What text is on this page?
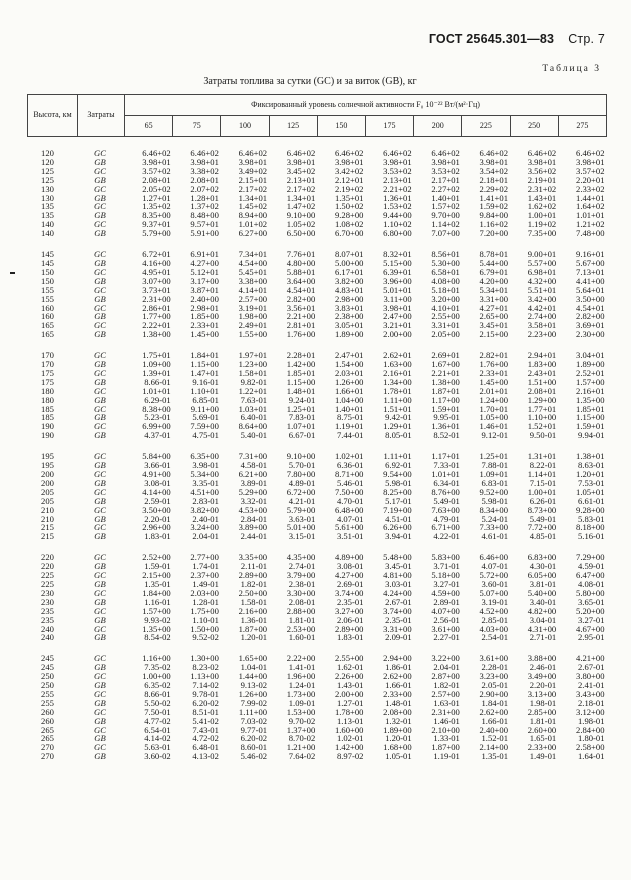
ГОСТ 25645.301—83 Стр. 7
Таблица 3
Затраты топлива за сутки (GC) и за виток (GB), кг
Высота, км	Затраты	Фиксированный уровень солнечной активности F₀ 10⁻²² Вт/(м²·Гц)									
		65	75	100	125	150	175	200	225	250	275

120	GC	6.46+02	6.46+02	6.46+02	6.46+02	6.46+02	6.46+02	6.46+02	6.46+02	6.46+02	6.46+02
120	GB	3.98+01	3.98+01	3.98+01	3.98+01	3.98+01	3.98+01	3.98+01	3.98+01	3.98+01	3.98+01
125	GC	3.57+02	3.38+02	3.49+02	3.45+02	3.42+02	3.53+02	3.53+02	3.54+02	3.56+02	3.57+02
125	GB	2.08+01	2.08+01	2.15+01	2.13+01	2.12+01	2.13+01	2.17+01	2.18+01	2.19+01	2.20+01
130	GC	2.05+02	2.07+02	2.17+02	2.17+02	2.19+02	2.21+02	2.27+02	2.29+02	2.31+02	2.33+02
130	GB	1.27+01	1.28+01	1.34+01	1.34+01	1.35+01	1.36+01	1.40+01	1.41+01	1.43+01	1.44+01
135	GC	1.35+02	1.37+02	1.45+02	1.47+02	1.50+02	1.53+02	1.57+02	1.59+02	1.62+02	1.64+02
135	GB	8.35+00	8.48+00	8.94+00	9.10+00	9.28+00	9.44+00	9.70+00	9.84+00	1.00+01	1.01+01
140	GC	9.37+01	9.57+01	1.01+02	1.05+02	1.08+02	1.10+02	1.14+02	1.16+02	1.19+02	1.21+02
140	GB	5.79+00	5.91+00	6.27+00	6.50+00	6.70+00	6.80+00	7.07+00	7.20+00	7.35+00	7.48+00

145	GC	6.72+01	6.91+01	7.34+01	7.76+01	8.07+01	8.32+01	8.56+01	8.78+01	9.00+01	9.16+01
145	GB	4.16+00	4.27+00	4.54+00	4.80+00	5.00+00	5.15+00	5.30+00	5.44+00	5.57+00	5.67+00
150	GC	4.95+01	5.12+01	5.45+01	5.88+01	6.17+01	6.39+01	6.58+01	6.79+01	6.98+01	7.13+01
150	GB	3.07+00	3.17+00	3.38+00	3.64+00	3.82+00	3.96+00	4.08+00	4.20+00	4.32+00	4.41+00
155	GC	3.73+01	3.87+01	4.14+01	4.54+01	4.83+01	5.01+01	5.18+01	5.34+01	5.51+01	5.64+01
155	GB	2.31+00	2.40+00	2.57+00	2.82+00	2.98+00	3.11+00	3.20+00	3.31+00	3.42+00	3.50+00
160	GC	2.86+01	2.98+01	3.19+01	3.56+01	3.83+01	3.98+01	4.10+01	4.27+01	4.42+01	4.54+01
160	GB	1.77+00	1.85+00	1.98+00	2.21+00	2.38+00	2.47+00	2.55+00	2.65+00	2.74+00	2.82+00
165	GC	2.22+01	2.33+01	2.49+01	2.81+01	3.05+01	3.21+01	3.31+01	3.45+01	3.58+01	3.69+01
165	GB	1.38+00	1.45+00	1.55+00	1.76+00	1.89+00	2.00+00	2.05+00	2.15+00	2.23+00	2.30+00

170	GC	1.75+01	1.84+01	1.97+01	2.28+01	2.47+01	2.62+01	2.69+01	2.82+01	2.94+01	3.04+01
170	GB	1.09+00	1.15+00	1.23+00	1.42+00	1.54+00	1.63+00	1.67+00	1.76+00	1.83+00	1.89+00
175	GC	1.39+01	1.47+01	1.58+01	1.85+01	2.03+01	2.16+01	2.21+01	2.33+01	2.43+01	2.52+01
175	GB	8.66-01	9.16-01	9.82-01	1.15+00	1.26+00	1.34+00	1.38+00	1.45+00	1.51+00	1.57+00
180	GC	1.01+01	1.10+01	1.22+01	1.48+01	1.66+01	1.78+01	1.87+01	2.01+01	2.08+01	2.16+01
180	GB	6.29-01	6.85-01	7.63-01	9.24-01	1.04+00	1.11+00	1.17+00	1.24+00	1.29+00	1.35+00
185	GC	8.38+00	9.11+00	1.03+01	1.25+01	1.40+01	1.51+01	1.59+01	1.70+01	1.77+01	1.85+01
185	GB	5.23-01	5.69-01	6.40-01	7.83-01	8.75-01	9.42-01	9.95-01	1.05+00	1.10+00	1.15+00
190	GC	6.99+00	7.59+00	8.64+00	1.07+01	1.19+01	1.29+01	1.36+01	1.46+01	1.52+01	1.59+01
190	GB	4.37-01	4.75-01	5.40-01	6.67-01	7.44-01	8.05-01	8.52-01	9.12-01	9.50-01	9.94-01

195	GC	5.84+00	6.35+00	7.31+00	9.10+00	1.02+01	1.11+01	1.17+01	1.25+01	1.31+01	1.38+01
195	GB	3.66-01	3.98-01	4.58-01	5.70-01	6.36-01	6.92-01	7.33-01	7.88-01	8.22-01	8.63-01
200	GC	4.91+00	5.34+00	6.21+00	7.80+00	8.71+00	9.54+00	1.01+01	1.09+01	1.14+01	1.20+01
200	GB	3.08-01	3.35-01	3.89-01	4.89-01	5.46-01	5.98-01	6.34-01	6.83-01	7.15-01	7.53-01
205	GC	4.14+00	4.51+00	5.29+00	6.72+00	7.50+00	8.25+00	8.76+00	9.52+00	1.00+01	1.05+01
205	GB	2.59-01	2.83-01	3.32-01	4.21-01	4.70-01	5.17-01	5.49-01	5.98-01	6.26-01	6.61-01
210	GC	3.50+00	3.82+00	4.53+00	5.79+00	6.48+00	7.19+00	7.63+00	8.34+00	8.73+00	9.28+00
210	GB	2.20-01	2.40-01	2.84-01	3.63-01	4.07-01	4.51-01	4.79-01	5.24-01	5.49-01	5.83-01
215	GC	2.96+00	3.24+00	3.89+00	5.01+00	5.61+00	6.26+00	6.71+00	7.33+00	7.72+00	8.18+00
215	GB	1.83-01	2.04-01	2.44-01	3.15-01	3.51-01	3.94-01	4.22-01	4.61-01	4.85-01	5.16-01

220	GC	2.52+00	2.77+00	3.35+00	4.35+00	4.89+00	5.48+00	5.83+00	6.46+00	6.83+00	7.29+00
220	GB	1.59-01	1.74-01	2.11-01	2.74-01	3.08-01	3.45-01	3.71-01	4.07-01	4.30-01	4.59-01
225	GC	2.15+00	2.37+00	2.89+00	3.79+00	4.27+00	4.81+00	5.18+00	5.72+00	6.05+00	6.47+00
225	GB	1.35-01	1.49-01	1.82-01	2.38-01	2.69-01	3.03-01	3.27-01	3.60-01	3.81-01	4.08-01
230	GC	1.84+00	2.03+00	2.50+00	3.30+00	3.74+00	4.24+00	4.59+00	5.07+00	5.40+00	5.80+00
230	GB	1.16-01	1.28-01	1.58-01	2.08-01	2.35-01	2.67-01	2.89-01	3.19-01	3.40-01	3.65-01
235	GC	1.57+00	1.75+00	2.16+00	2.88+00	3.27+00	3.74+00	4.07+00	4.52+00	4.82+00	5.20+00
235	GB	9.93-02	1.10-01	1.36-01	1.81-01	2.06-01	2.35-01	2.56-01	2.85-01	3.04-01	3.27-01
240	GC	1.35+00	1.50+00	1.87+00	2.53+00	2.89+00	3.31+00	3.61+00	4.03+00	4.31+00	4.67+00
240	GB	8.54-02	9.52-02	1.20-01	1.60-01	1.83-01	2.09-01	2.27-01	2.54-01	2.71-01	2.95-01

245	GC	1.16+00	1.30+00	1.65+00	2.22+00	2.55+00	2.94+00	3.22+00	3.61+00	3.88+00	4.21+00
245	GB	7.35-02	8.23-02	1.04-01	1.41-01	1.62-01	1.86-01	2.04-01	2.28-01	2.46-01	2.67-01
250	GC	1.00+00	1.13+00	1.44+00	1.96+00	2.26+00	2.62+00	2.87+00	3.23+00	3.49+00	3.80+00
250	GB	6.35-02	7.14-02	9.13-02	1.24-01	1.43-01	1.66-01	1.82-01	2.05-01	2.20-01	2.41-01
255	GC	8.66-01	9.78-01	1.26+00	1.73+00	2.00+00	2.33+00	2.57+00	2.90+00	3.13+00	3.43+00
255	GB	5.50-02	6.20-02	7.99-02	1.09-01	1.27-01	1.48-01	1.63-01	1.84-01	1.98-01	2.18-01
260	GC	7.50-01	8.51-01	1.11+00	1.53+00	1.78+00	2.08+00	2.31+00	2.62+00	2.85+00	3.12+00
260	GB	4.77-02	5.41-02	7.03-02	9.70-02	1.13-01	1.32-01	1.46-01	1.66-01	1.81-01	1.98-01
265	GC	6.54-01	7.43-01	9.77-01	1.37+00	1.60+00	1.89+00	2.10+00	2.40+00	2.60+00	2.84+00
265	GB	4.14-02	4.72-02	6.20-02	8.70-02	1.02-01	1.20-01	1.33-01	1.52-01	1.65-01	1.80-01
270	GC	5.63-01	6.48-01	8.60-01	1.21+00	1.42+00	1.68+00	1.87+00	2.14+00	2.33+00	2.58+00
270	GB	3.60-02	4.13-02	5.46-02	7.64-02	8.97-02	1.05-01	1.19-01	1.35-01	1.49-01	1.64-01
